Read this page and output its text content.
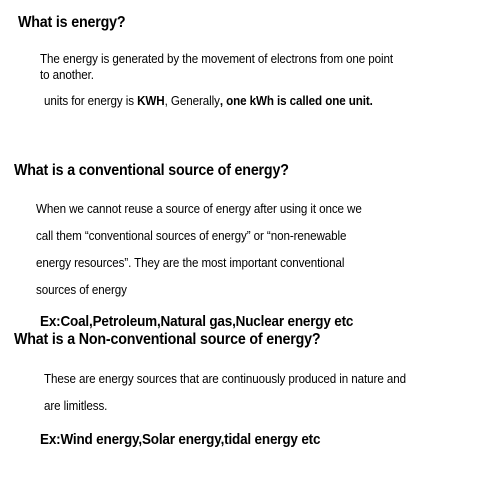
What is energy?

The energy is generated by the movement of electrons from one point
to another.

units for energy is KWH, Generally, one kWh is called one unit.

What is a conventional source of energy?

When we cannot reuse a source of energy after using it once we
call them “conventional sources of energy” or “non-renewable
energy resources”. They are the most important conventional
sources of energy

Ex:Coal,Petroleum,Natural gas,Nuclear energy etc

What is a Non-conventional source of energy?

These are energy sources that are continuously produced in nature and
are limitless.

Ex:Wind energy,Solar energy,tidal energy etc
